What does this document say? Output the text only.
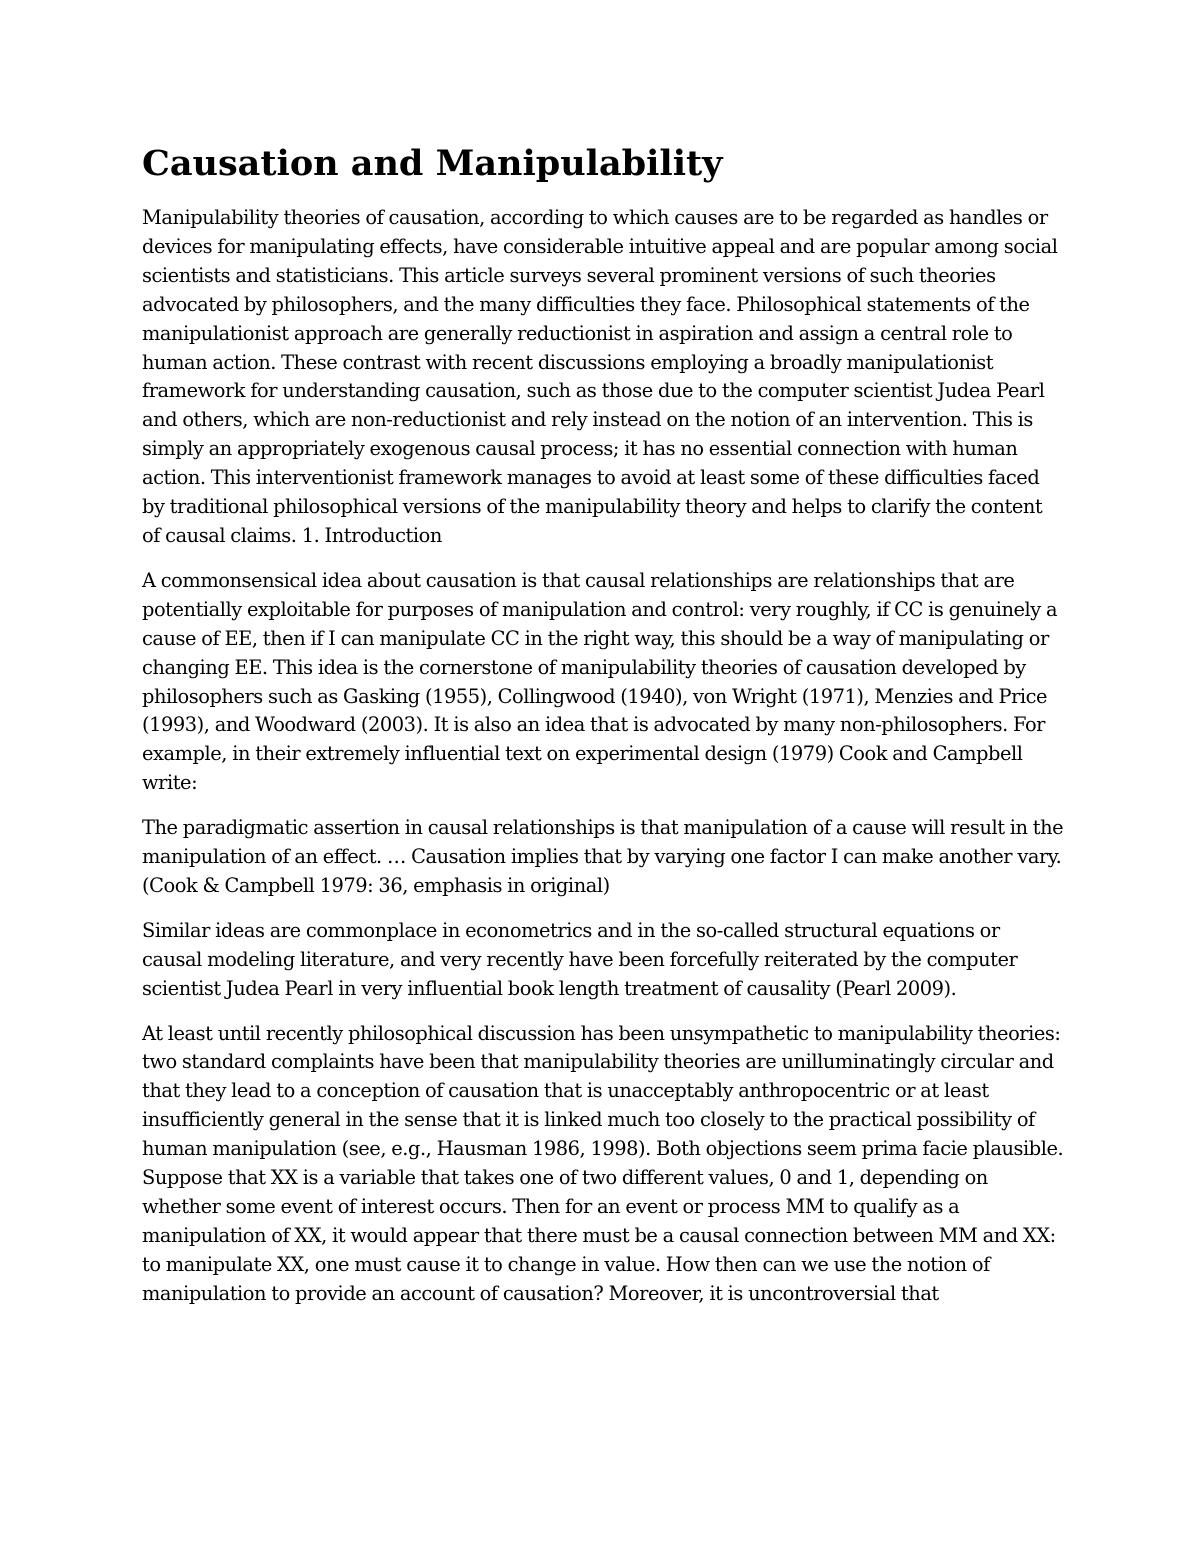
Causation and Manipulability

Manipulability theories of causation, according to which causes are to be regarded as handles or devices for manipulating effects, have considerable intuitive appeal and are popular among social scientists and statisticians. This article surveys several prominent versions of such theories advocated by philosophers, and the many difficulties they face. Philosophical statements of the manipulationist approach are generally reductionist in aspiration and assign a central role to human action. These contrast with recent discussions employing a broadly manipulationist framework for understanding causation, such as those due to the computer scientist Judea Pearl and others, which are non-reductionist and rely instead on the notion of an intervention. This is simply an appropriately exogenous causal process; it has no essential connection with human action. This interventionist framework manages to avoid at least some of these difficulties faced by traditional philosophical versions of the manipulability theory and helps to clarify the content of causal claims. 1. Introduction

A commonsensical idea about causation is that causal relationships are relationships that are potentially exploitable for purposes of manipulation and control: very roughly, if CC is genuinely a cause of EE, then if I can manipulate CC in the right way, this should be a way of manipulating or changing EE. This idea is the cornerstone of manipulability theories of causation developed by philosophers such as Gasking (1955), Collingwood (1940), von Wright (1971), Menzies and Price (1993), and Woodward (2003). It is also an idea that is advocated by many non-philosophers. For example, in their extremely influential text on experimental design (1979) Cook and Campbell write:

The paradigmatic assertion in causal relationships is that manipulation of a cause will result in the manipulation of an effect. … Causation implies that by varying one factor I can make another vary. (Cook & Campbell 1979: 36, emphasis in original)

Similar ideas are commonplace in econometrics and in the so-called structural equations or causal modeling literature, and very recently have been forcefully reiterated by the computer scientist Judea Pearl in very influential book length treatment of causality (Pearl 2009).

At least until recently philosophical discussion has been unsympathetic to manipulability theories: two standard complaints have been that manipulability theories are unilluminatingly circular and that they lead to a conception of causation that is unacceptably anthropocentric or at least insufficiently general in the sense that it is linked much too closely to the practical possibility of human manipulation (see, e.g., Hausman 1986, 1998). Both objections seem prima facie plausible. Suppose that XX is a variable that takes one of two different values, 0 and 1, depending on whether some event of interest occurs. Then for an event or process MM to qualify as a manipulation of XX, it would appear that there must be a causal connection between MM and XX: to manipulate XX, one must cause it to change in value. How then can we use the notion of manipulation to provide an account of causation? Moreover, it is uncontroversial that
